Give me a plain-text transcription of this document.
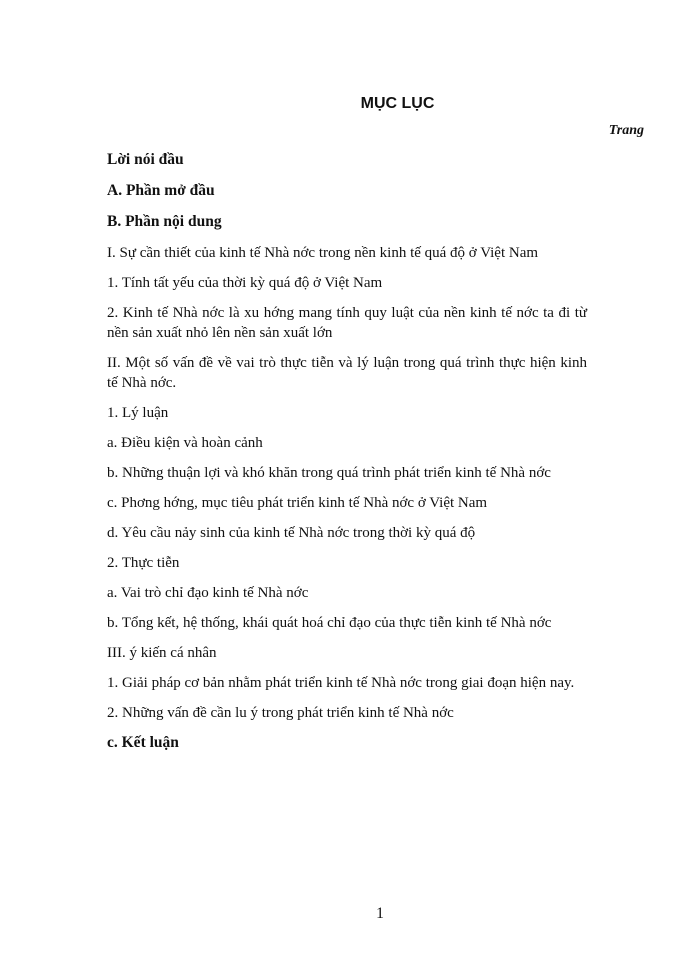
MỤC LỤC
Trang
Lời nói đầu
A. Phần mở đầu
B. Phần nội dung
I. Sự cần thiết của kinh tế Nhà nớc trong nền kinh tế quá độ ở Việt Nam
1. Tính tất yếu của thời kỳ quá độ ở Việt Nam
2. Kinh tế Nhà nớc là xu hớng mang tính quy luật của nền kinh tế nớc ta đi từ nền sản xuất nhỏ lên nền sản xuất lớn
II. Một số vấn đề về vai trò thực tiễn và lý luận trong quá trình thực hiện kinh tế Nhà nớc.
1. Lý luận
a. Điều kiện và hoàn cảnh
b. Những thuận lợi và khó khăn trong quá trình phát triển kinh tế Nhà nớc
c. Phơng hớng, mục tiêu phát triển kinh tế Nhà nớc ở Việt Nam
d. Yêu cầu nảy sinh của kinh tế Nhà nớc trong thời kỳ quá độ
2. Thực tiễn
a. Vai trò chỉ đạo kinh tế Nhà nớc
b. Tổng kết, hệ thống, khái quát hoá chỉ đạo của thực tiễn kinh tế Nhà nớc
III. ý kiến cá nhân
1. Giải pháp cơ bản nhằm phát triển kinh tế Nhà nớc trong giai đoạn hiện nay.
2. Những vấn đề cần lu ý trong phát triển kinh tế Nhà nớc
c. Kết luận
1
